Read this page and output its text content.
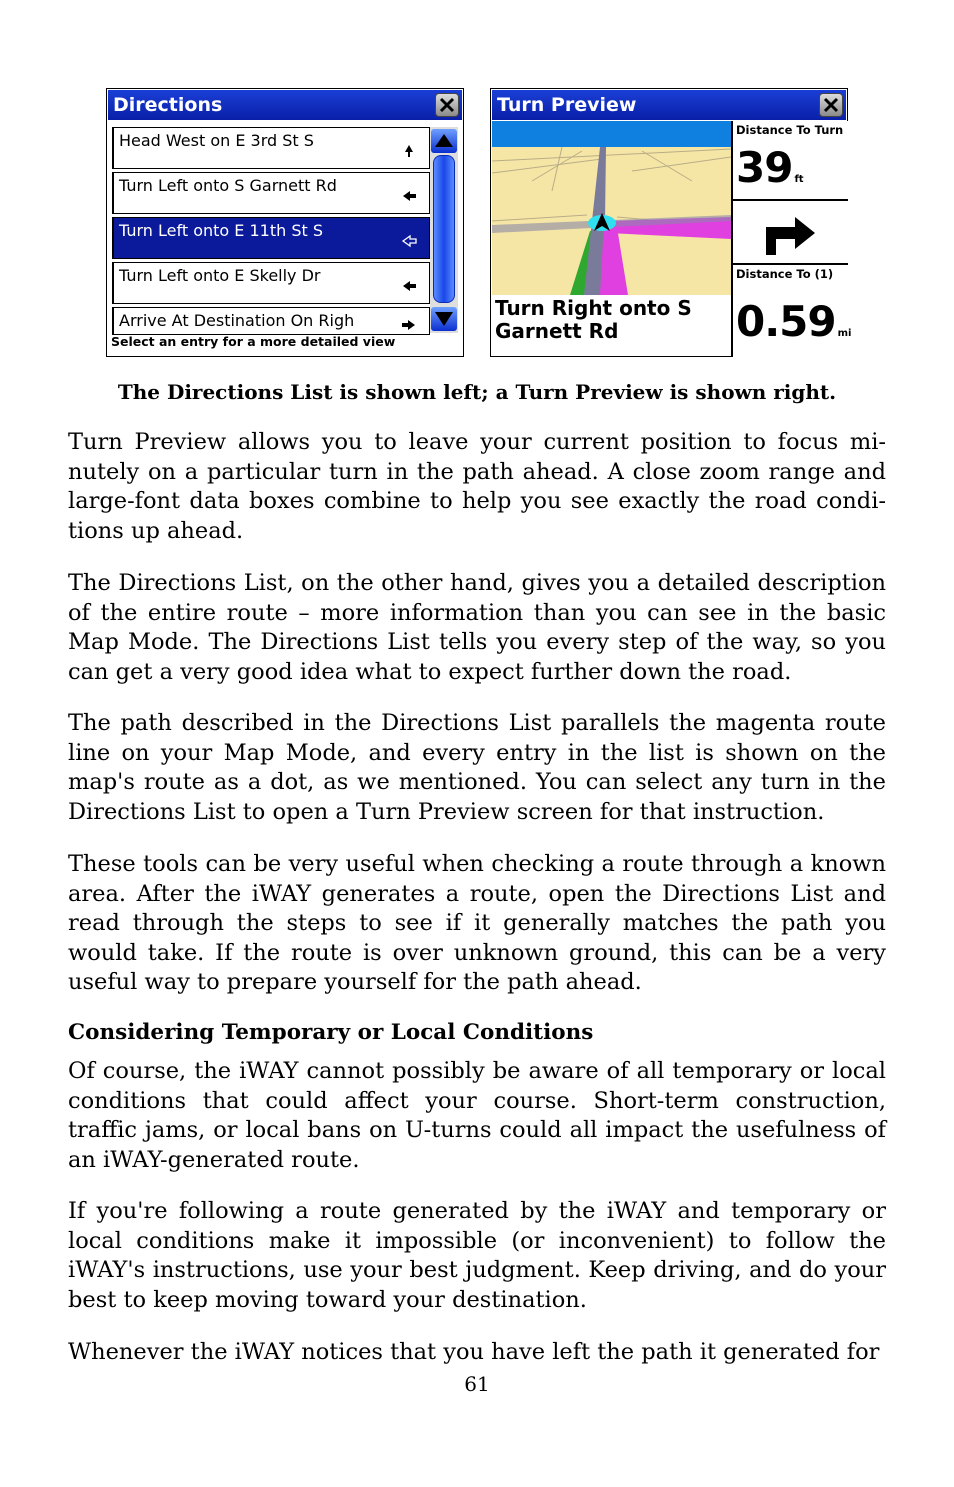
Directions
Head West on E 3rd St S
Turn Left onto S Garnett Rd
Turn Left onto E 11th St S
Turn Left onto E Skelly Dr
Arrive At Destination On Righ
Select an entry for a more detailed view
Turn Preview
Turn Right onto S Garnett Rd
Distance To Turn
39 ft
Distance To (1)
0.59 mi
The Directions List is shown left; a Turn Preview is shown right.

Turn Preview allows you to leave your current position to focus mi-nutely on a particular turn in the path ahead. A close zoom range and large-font data boxes combine to help you see exactly the road condi-tions up ahead.

The Directions List, on the other hand, gives you a detailed description of the entire route – more information than you can see in the basic Map Mode. The Directions List tells you every step of the way, so you can get a very good idea what to expect further down the road.

The path described in the Directions List parallels the magenta route line on your Map Mode, and every entry in the list is shown on the map's route as a dot, as we mentioned. You can select any turn in the Directions List to open a Turn Preview screen for that instruction.

These tools can be very useful when checking a route through a known area. After the iWAY generates a route, open the Directions List and read through the steps to see if it generally matches the path you would take. If the route is over unknown ground, this can be a very useful way to prepare yourself for the path ahead.

Considering Temporary or Local Conditions

Of course, the iWAY cannot possibly be aware of all temporary or local conditions that could affect your course. Short-term construction, traffic jams, or local bans on U-turns could all impact the usefulness of an iWAY-generated route.

If you're following a route generated by the iWAY and temporary or local conditions make it impossible (or inconvenient) to follow the iWAY's instructions, use your best judgment. Keep driving, and do your best to keep moving toward your destination.

Whenever the iWAY notices that you have left the path it generated for

61
